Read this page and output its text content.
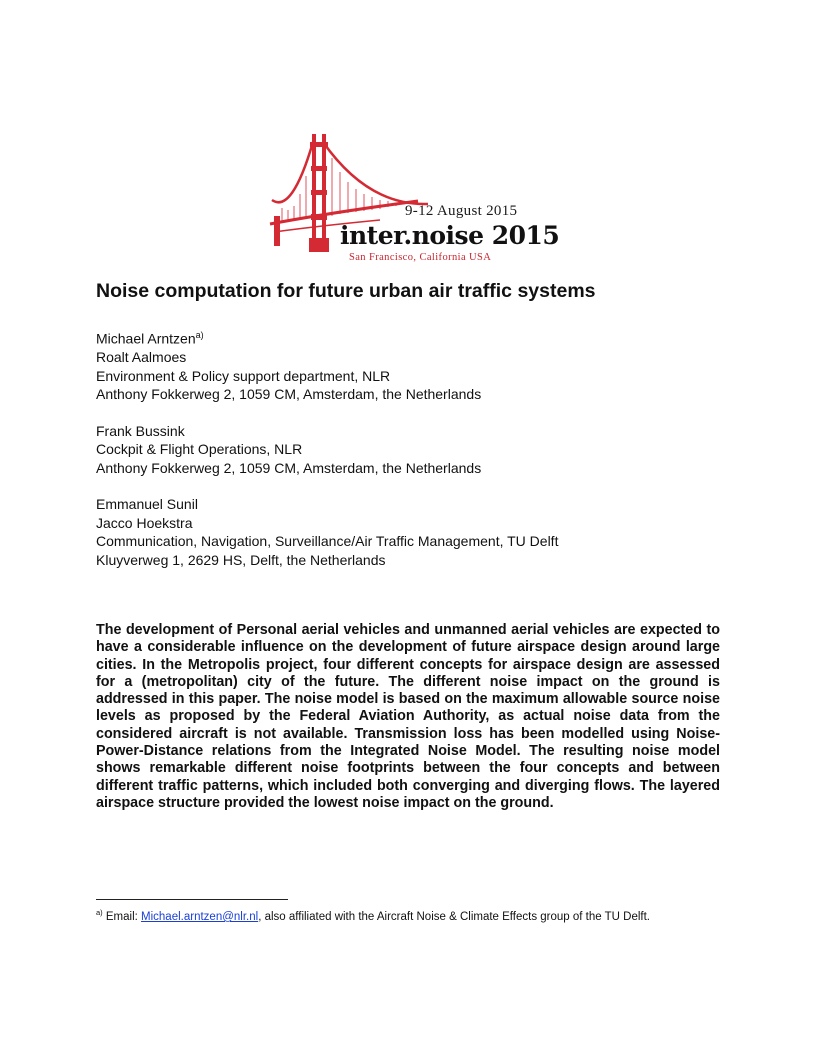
9-12 August 2015
inter.noise 2015
San Francisco, California USA
Noise computation for future urban air traffic systems
Michael Arntzen$^{a)}$
Roalt Aalmoes
Environment & Policy support department, NLR
Anthony Fokkerweg 2, 1059 CM, Amsterdam, the Netherlands
Frank Bussink
Cockpit & Flight Operations, NLR
Anthony Fokkerweg 2, 1059 CM, Amsterdam, the Netherlands
Emmanuel Sunil
Jacco Hoekstra
Communication, Navigation, Surveillance/Air Traffic Management, TU Delft
Kluyverweg 1, 2629 HS, Delft, the Netherlands

The development of Personal aerial vehicles and unmanned aerial vehicles are expected to have a considerable influence on the development of future airspace design around large cities. In the Metropolis project, four different concepts for airspace design are assessed for a (metropolitan) city of the future. The different noise impact on the ground is addressed in this paper. The noise model is based on the maximum allowable source noise levels as proposed by the Federal Aviation Authority, as actual noise data from the considered aircraft is not available. Transmission loss has been modelled using Noise-Power-Distance relations from the Integrated Noise Model. The resulting noise model shows remarkable different noise footprints between the four concepts and between different traffic patterns, which included both converging and diverging flows. The layered airspace structure provided the lowest noise impact on the ground.

$^{a)}$ Email: Michael.arntzen@nlr.nl, also affiliated with the Aircraft Noise & Climate Effects group of the TU Delft.
